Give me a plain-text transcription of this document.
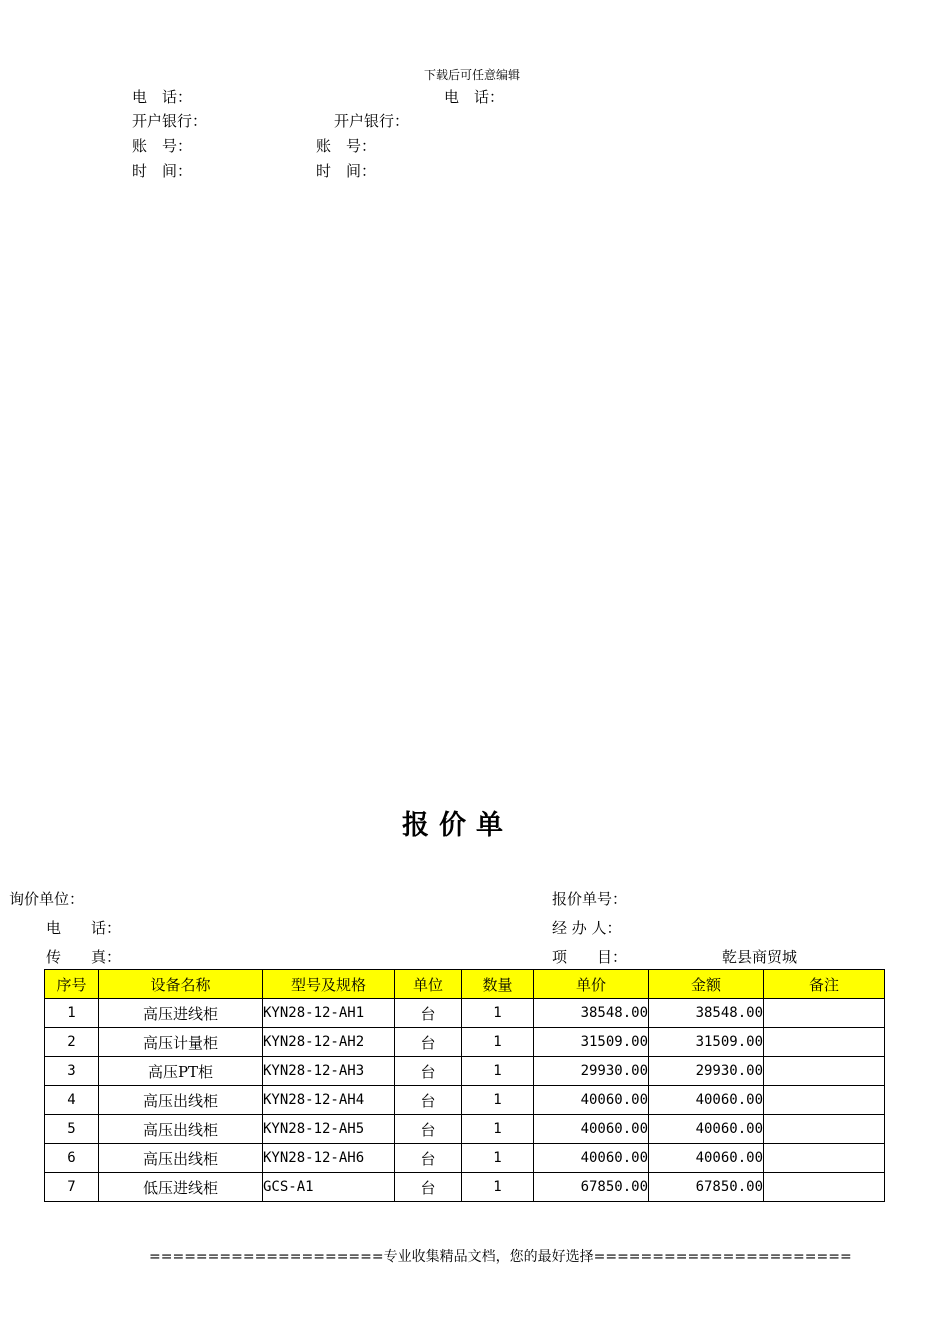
下载后可任意编辑
电　话：	电　话：
开户银行：	开户银行：
账　号：	账　号：
时　间：	时　间：
报价单
询价单位：
电　　话：
传　　真：
报价单号：
经 办 人：
项　　目：	乾县商贸城
序号	设备名称	型号及规格	单位	数量	单价	金额	备注
1	高压进线柜	KYN28-12-AH1	台	1	38548.00	38548.00	
2	高压计量柜	KYN28-12-AH2	台	1	31509.00	31509.00	
3	高压PT柜	KYN28-12-AH3	台	1	29930.00	29930.00	
4	高压出线柜	KYN28-12-AH4	台	1	40060.00	40060.00	
5	高压出线柜	KYN28-12-AH5	台	1	40060.00	40060.00	
6	高压出线柜	KYN28-12-AH6	台	1	40060.00	40060.00	
7	低压进线柜	GCS-A1	台	1	67850.00	67850.00	
====================专业收集精品文档，您的最好选择======================
